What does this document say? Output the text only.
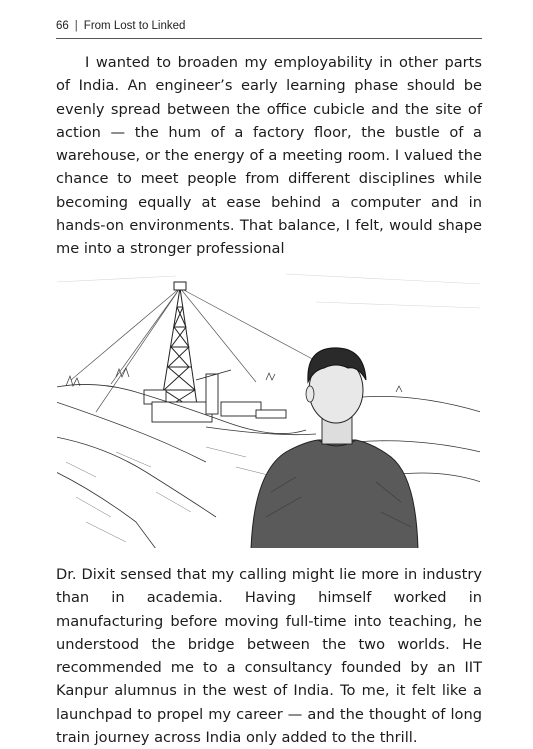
66 | From Lost to Linked

I wanted to broaden my employability in other parts of India. An engineer’s early learning phase should be evenly spread between the office cubicle and the site of action — the hum of a factory floor, the bustle of a warehouse, or the energy of a meeting room. I valued the chance to meet people from different disciplines while becoming equally at ease behind a computer and in hands-on environments. That balance, I felt, would shape me into a stronger professional

Dr. Dixit sensed that my calling might lie more in industry than in academia. Having himself worked in manufacturing before moving full-time into teaching, he understood the bridge between the two worlds. He recommended me to a consultancy founded by an IIT Kanpur alumnus in the west of India. To me, it felt like a launchpad to propel my career — and the thought of long train journey across India only added to the thrill.
